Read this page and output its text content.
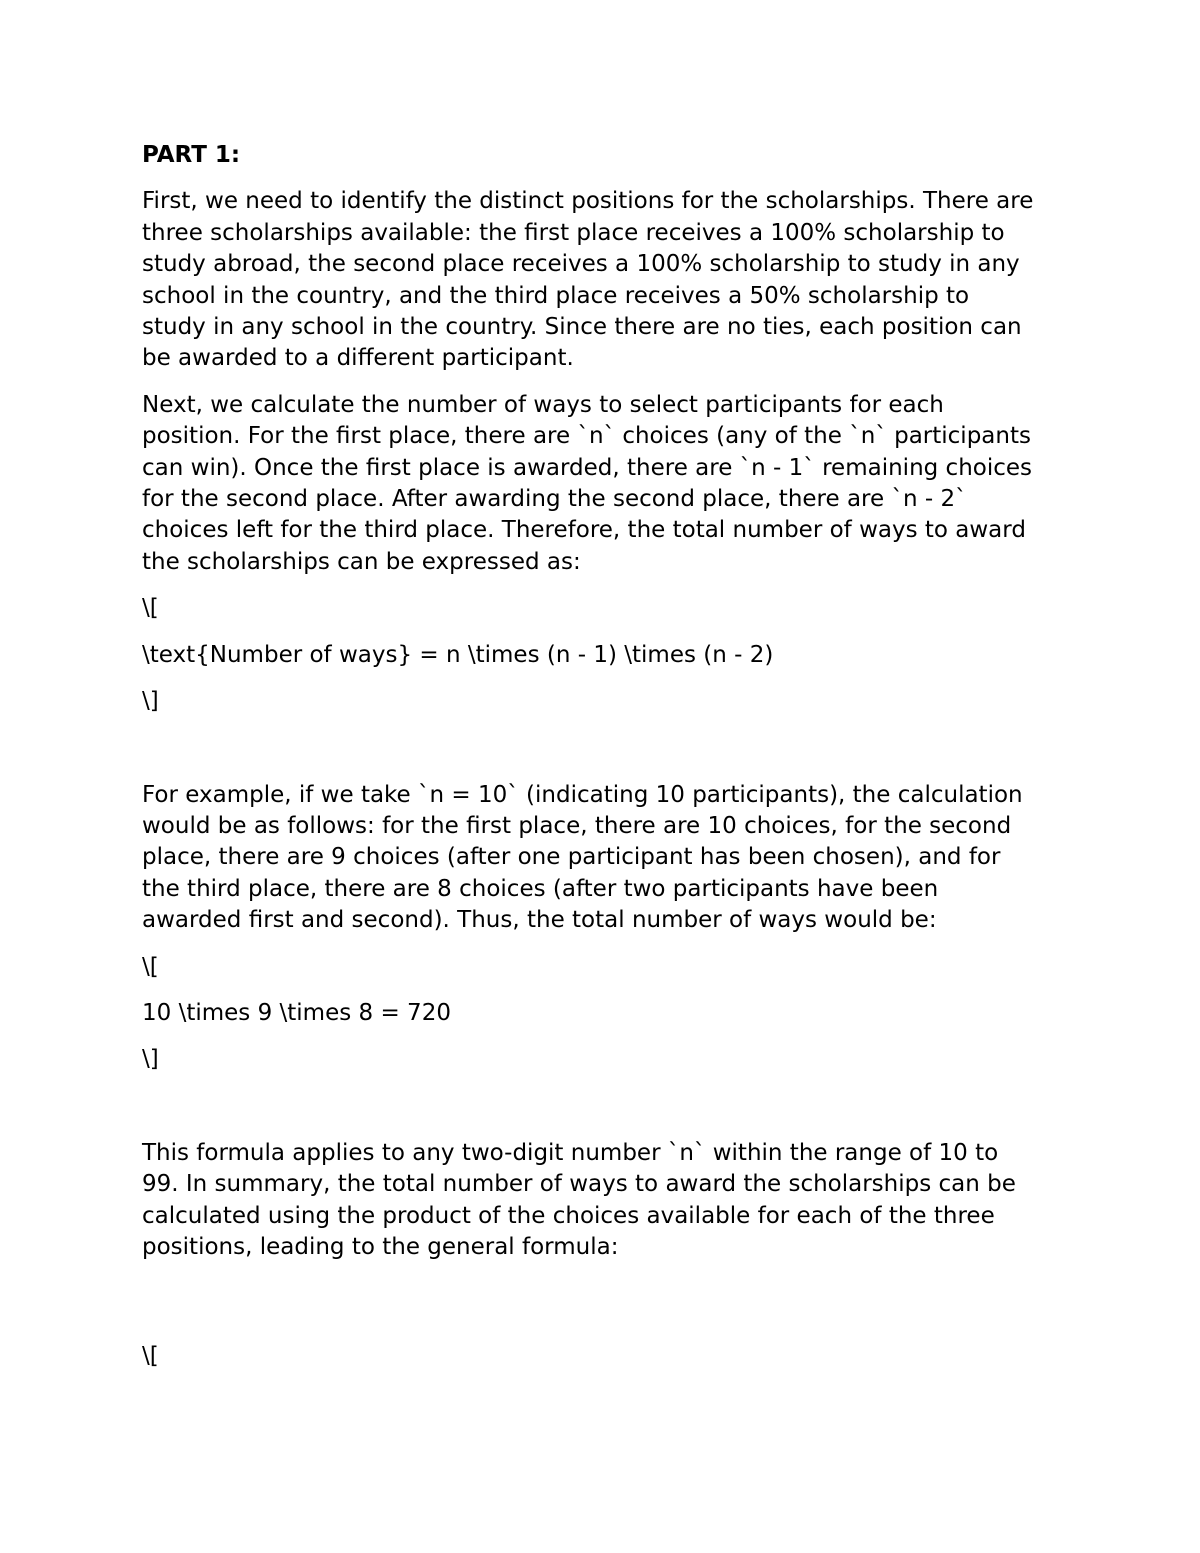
PART 1:
First, we need to identify the distinct positions for the scholarships. There are
three scholarships available: the first place receives a 100% scholarship to
study abroad, the second place receives a 100% scholarship to study in any
school in the country, and the third place receives a 50% scholarship to
study in any school in the country. Since there are no ties, each position can
be awarded to a different participant.
Next, we calculate the number of ways to select participants for each
position. For the first place, there are `n` choices (any of the `n` participants
can win). Once the first place is awarded, there are `n - 1` remaining choices
for the second place. After awarding the second place, there are `n - 2`
choices left for the third place. Therefore, the total number of ways to award
the scholarships can be expressed as:
\[
\text{Number of ways} = n \times (n - 1) \times (n - 2)
\]
For example, if we take `n = 10` (indicating 10 participants), the calculation
would be as follows: for the first place, there are 10 choices, for the second
place, there are 9 choices (after one participant has been chosen), and for
the third place, there are 8 choices (after two participants have been
awarded first and second). Thus, the total number of ways would be:
\[
10 \times 9 \times 8 = 720
\]
This formula applies to any two-digit number `n` within the range of 10 to
99. In summary, the total number of ways to award the scholarships can be
calculated using the product of the choices available for each of the three
positions, leading to the general formula:
\[
